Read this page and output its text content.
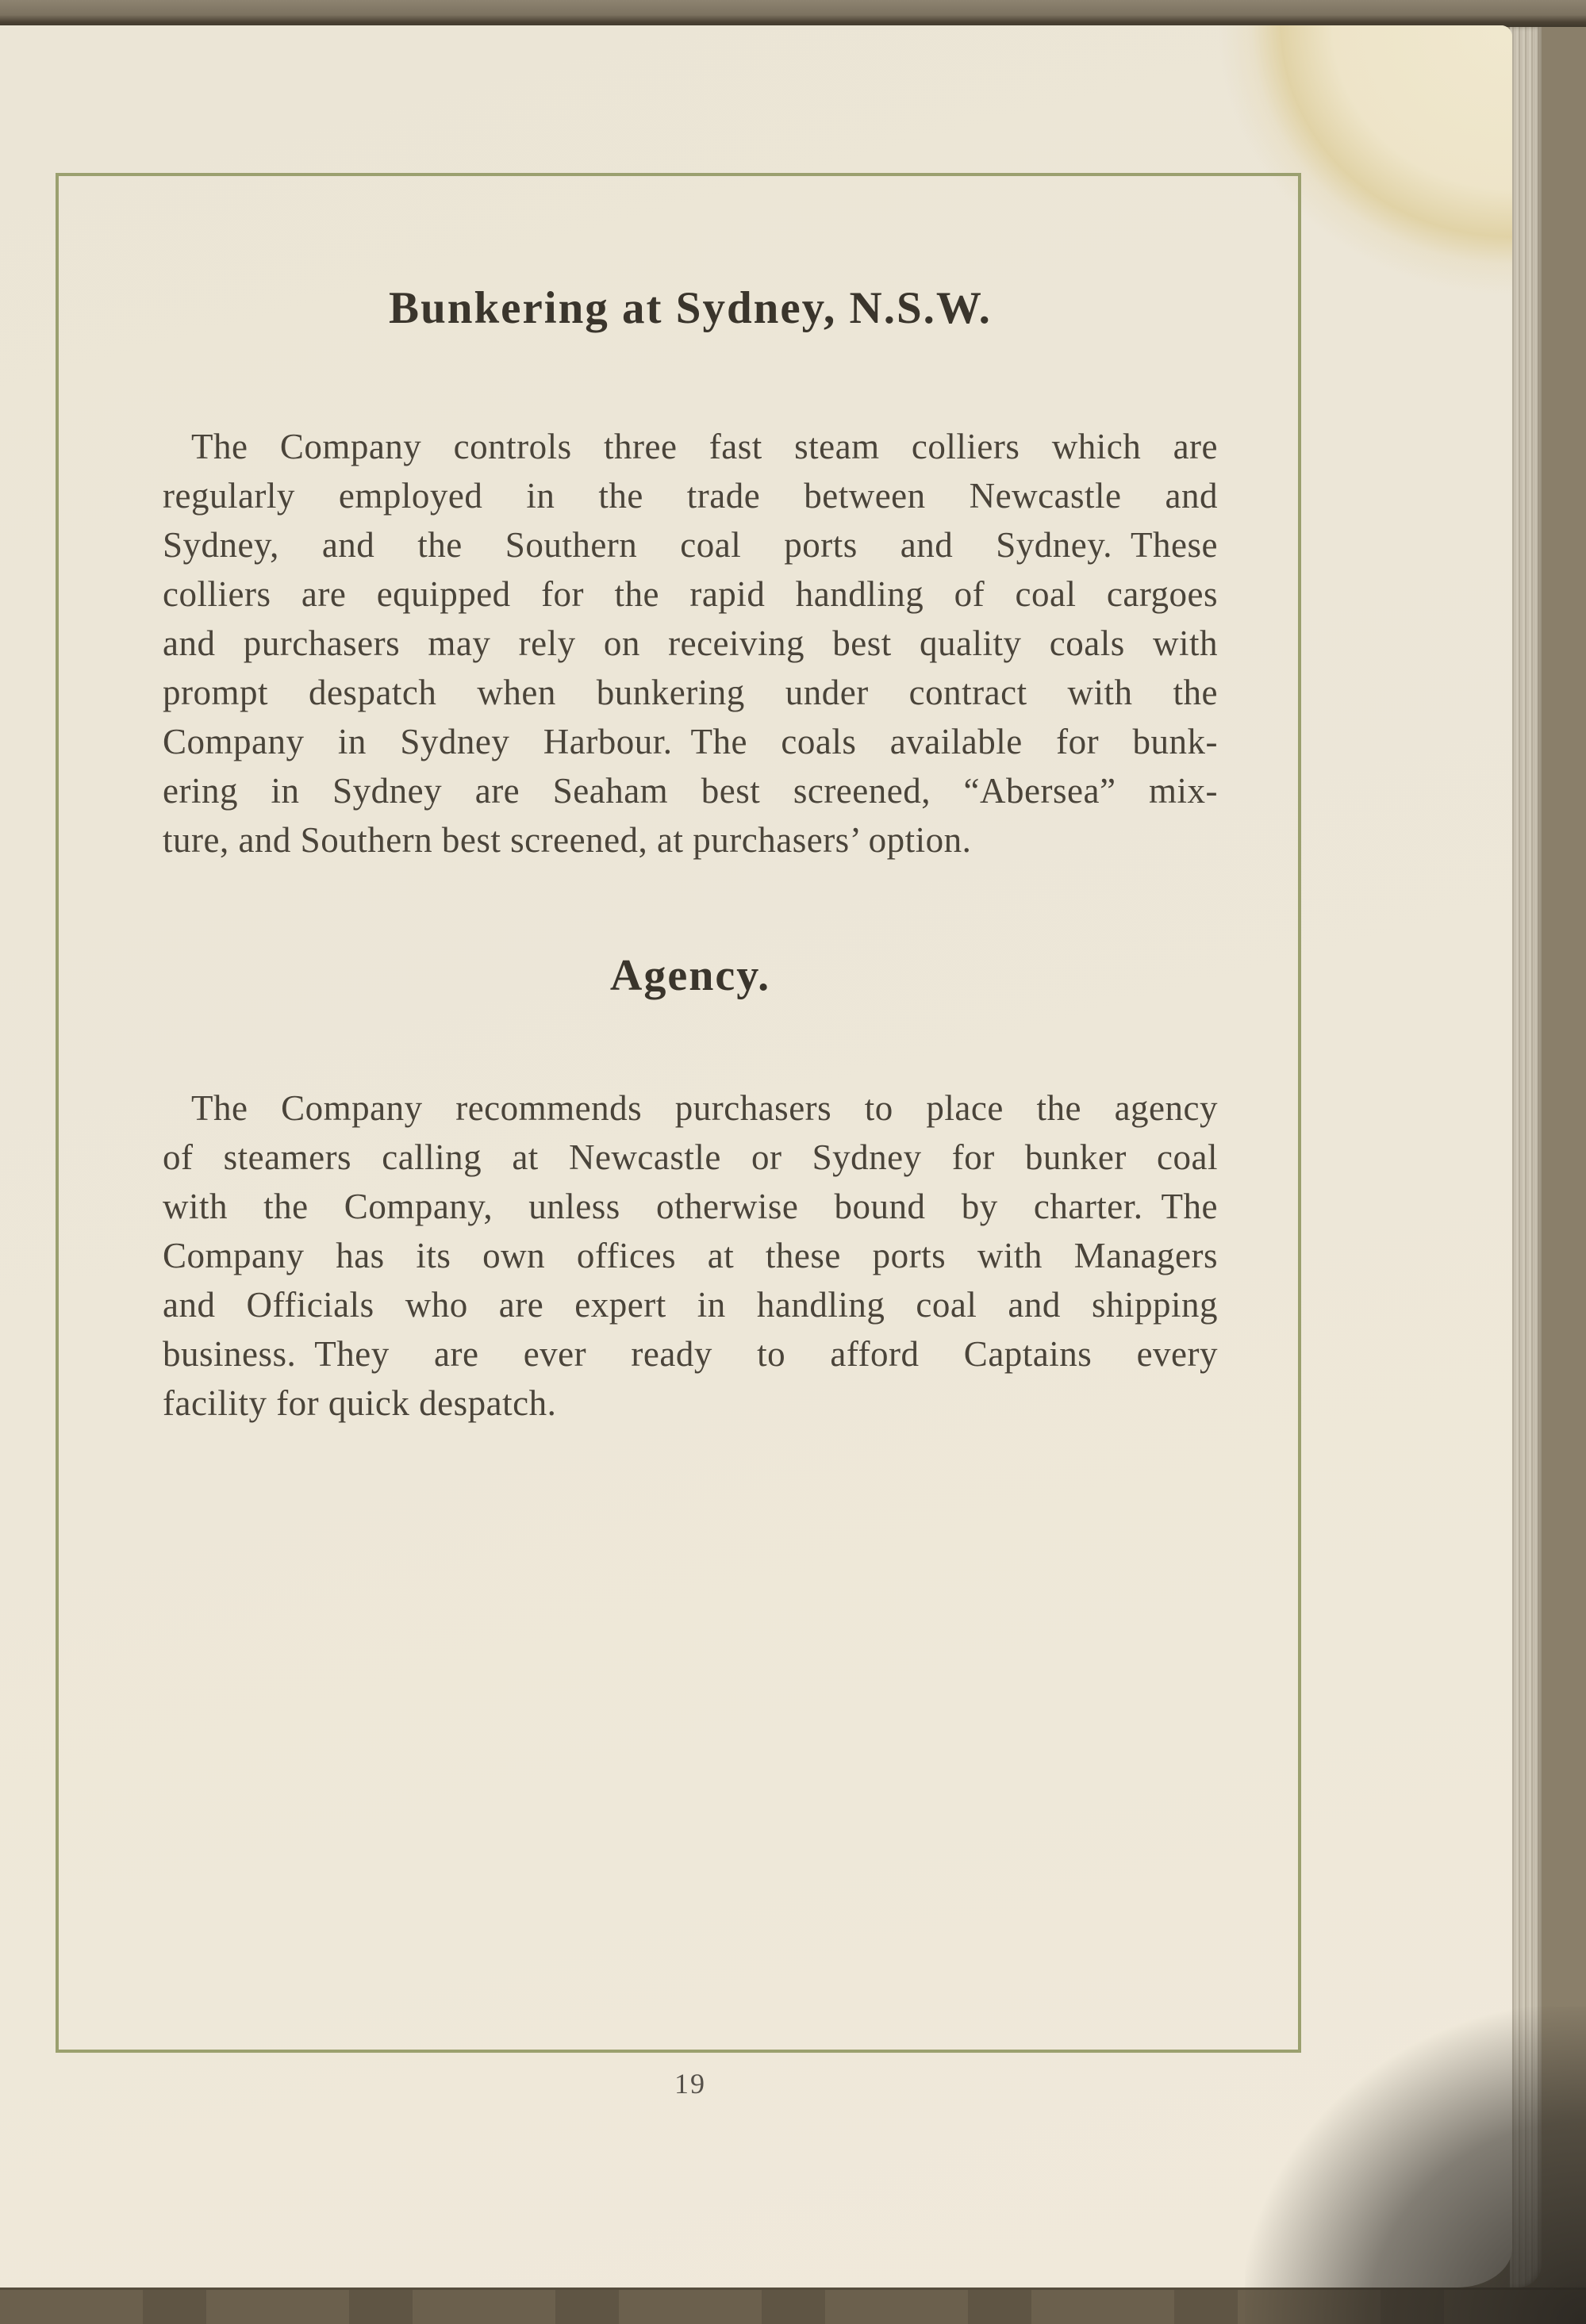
Bunkering at Sydney, N.S.W.
The Company controls three fast steam colliers which are
regularly employed in the trade between Newcastle and
Sydney, and the Southern coal ports and Sydney. These
colliers are equipped for the rapid handling of coal cargoes
and purchasers may rely on receiving best quality coals with
prompt despatch when bunkering under contract with the
Company in Sydney Harbour. The coals available for bunk-
ering in Sydney are Seaham best screened, “Abersea” mix-
ture, and Southern best screened, at purchasers’ option.
Agency.
The Company recommends purchasers to place the agency
of steamers calling at Newcastle or Sydney for bunker coal
with the Company, unless otherwise bound by charter. The
Company has its own offices at these ports with Managers
and Officials who are expert in handling coal and shipping
business. They are ever ready to afford Captains every
facility for quick despatch.
19
